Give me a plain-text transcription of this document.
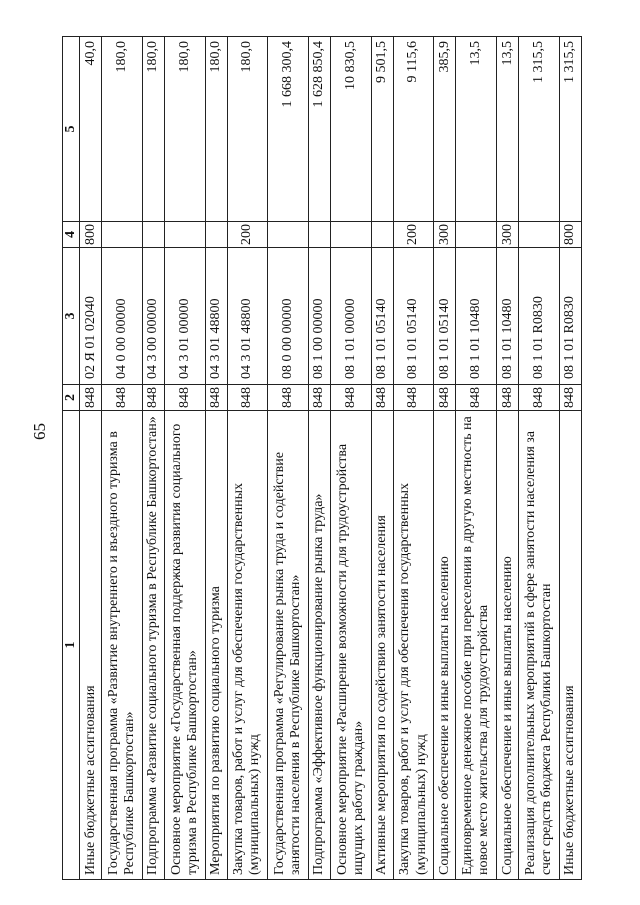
65
1	2	3	4	5
Иные бюджетные ассигнования	848	02 Я 01 02040	800	40,0
Государственная программа «Развитие внутреннего и въездного туризма в Республике Башкортостан»	848	04 0 00 00000		180,0
Подпрограмма «Развитие социального туризма в Республике Башкортостан»	848	04 3 00 00000		180,0
Основное мероприятие «Государственная поддержка развития социального туризма в Республике Башкортостан»	848	04 3 01 00000		180,0
Мероприятия по развитию социального туризма	848	04 3 01 48800		180,0
Закупка товаров, работ и услуг для обеспечения государственных (муниципальных) нужд	848	04 3 01 48800	200	180,0
Государственная программа «Регулирование рынка труда и содействие занятости населения в Республике Башкортостан»	848	08 0 00 00000		1 668 300,4
Подпрограмма «Эффективное функционирование рынка труда»	848	08 1 00 00000		1 628 850,4
Основное мероприятие «Расширение возможности для трудоустройства ищущих работу граждан»	848	08 1 01 00000		10 830,5
Активные мероприятия по содействию занятости населения	848	08 1 01 05140		9 501,5
Закупка товаров, работ и услуг для обеспечения государственных (муниципальных) нужд	848	08 1 01 05140	200	9 115,6
Социальное обеспечение и иные выплаты населению	848	08 1 01 05140	300	385,9
Единовременное денежное пособие при переселении в другую местность на новое место жительства для трудоустройства	848	08 1 01 10480		13,5
Социальное обеспечение и иные выплаты населению	848	08 1 01 10480	300	13,5
Реализация дополнительных мероприятий в сфере занятости населения за счет средств бюджета Республики Башкортостан	848	08 1 01 R0830		1 315,5
Иные бюджетные ассигнования	848	08 1 01 R0830	800	1 315,5
